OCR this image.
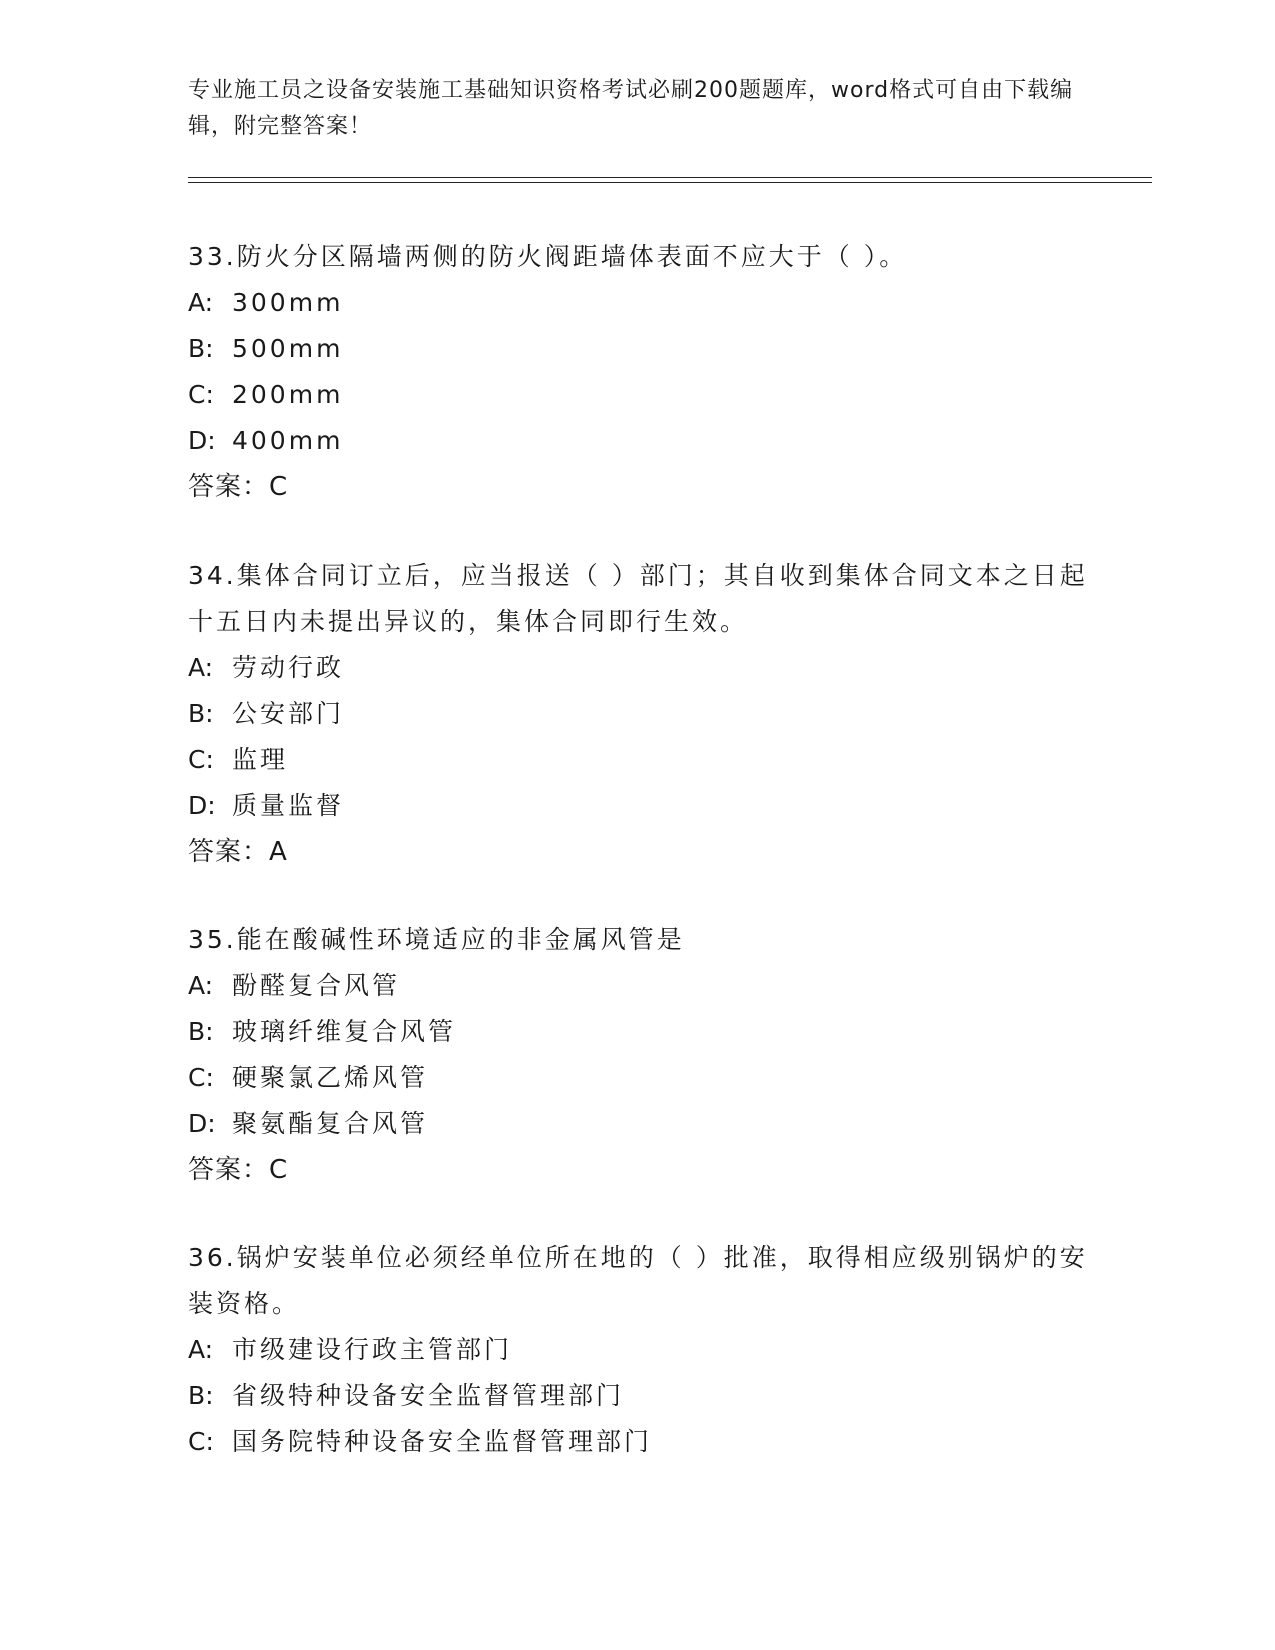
专业施工员之设备安装施工基础知识资格考试必刷200题题库，word格式可自由下载编辑，附完整答案！

33.防火分区隔墙两侧的防火阀距墙体表面不应大于（ ）。

A: 300mm

B: 500mm

C: 200mm

D: 400mm

答案：C

34.集体合同订立后，应当报送（ ）部门；其自收到集体合同文本之日起十五日内未提出异议的，集体合同即行生效。

A: 劳动行政

B: 公安部门

C: 监理

D: 质量监督

答案：A

35.能在酸碱性环境适应的非金属风管是

A: 酚醛复合风管

B: 玻璃纤维复合风管

C: 硬聚氯乙烯风管

D: 聚氨酯复合风管

答案：C

36.锅炉安装单位必须经单位所在地的（ ）批准，取得相应级别锅炉的安装资格。

A: 市级建设行政主管部门

B: 省级特种设备安全监督管理部门

C: 国务院特种设备安全监督管理部门
